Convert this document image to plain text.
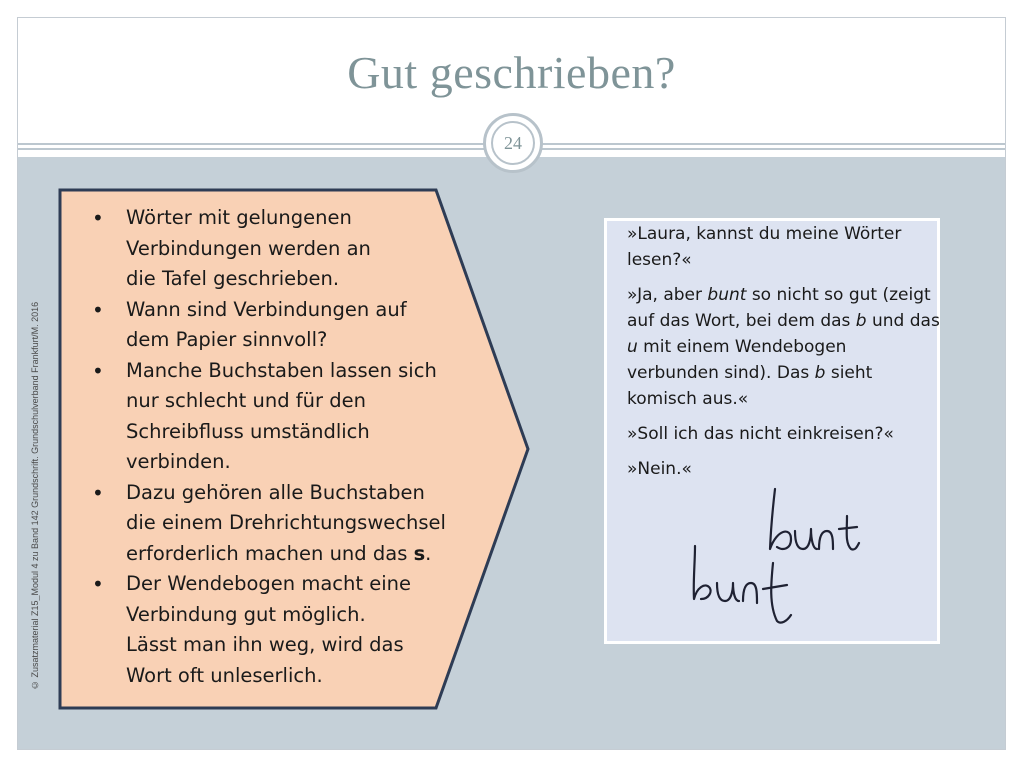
Gut geschrieben?
24
© Zusatzmaterial Z15_Modul 4 zu Band 142 Grundschrift. Grundschulverband Frankfurt/M. 2016
• Wörter mit gelungenen
Verbindungen werden an
die Tafel geschrieben.
• Wann sind Verbindungen auf
dem Papier sinnvoll?
• Manche Buchstaben lassen sich
nur schlecht und für den
Schreibfluss umständlich
verbinden.
• Dazu gehören alle Buchstaben
die einem Drehrichtungswechsel
erforderlich machen und das s.
• Der Wendebogen macht eine
Verbindung gut möglich.
Lässt man ihn weg, wird das
Wort oft unleserlich.

»Laura, kannst du meine Wörter lesen?«

»Ja, aber bunt so nicht so gut (zeigt auf das Wort, bei dem das b und das u mit einem Wendebogen verbunden sind). Das b sieht komisch aus.«

»Soll ich das nicht einkreisen?«

»Nein.«
